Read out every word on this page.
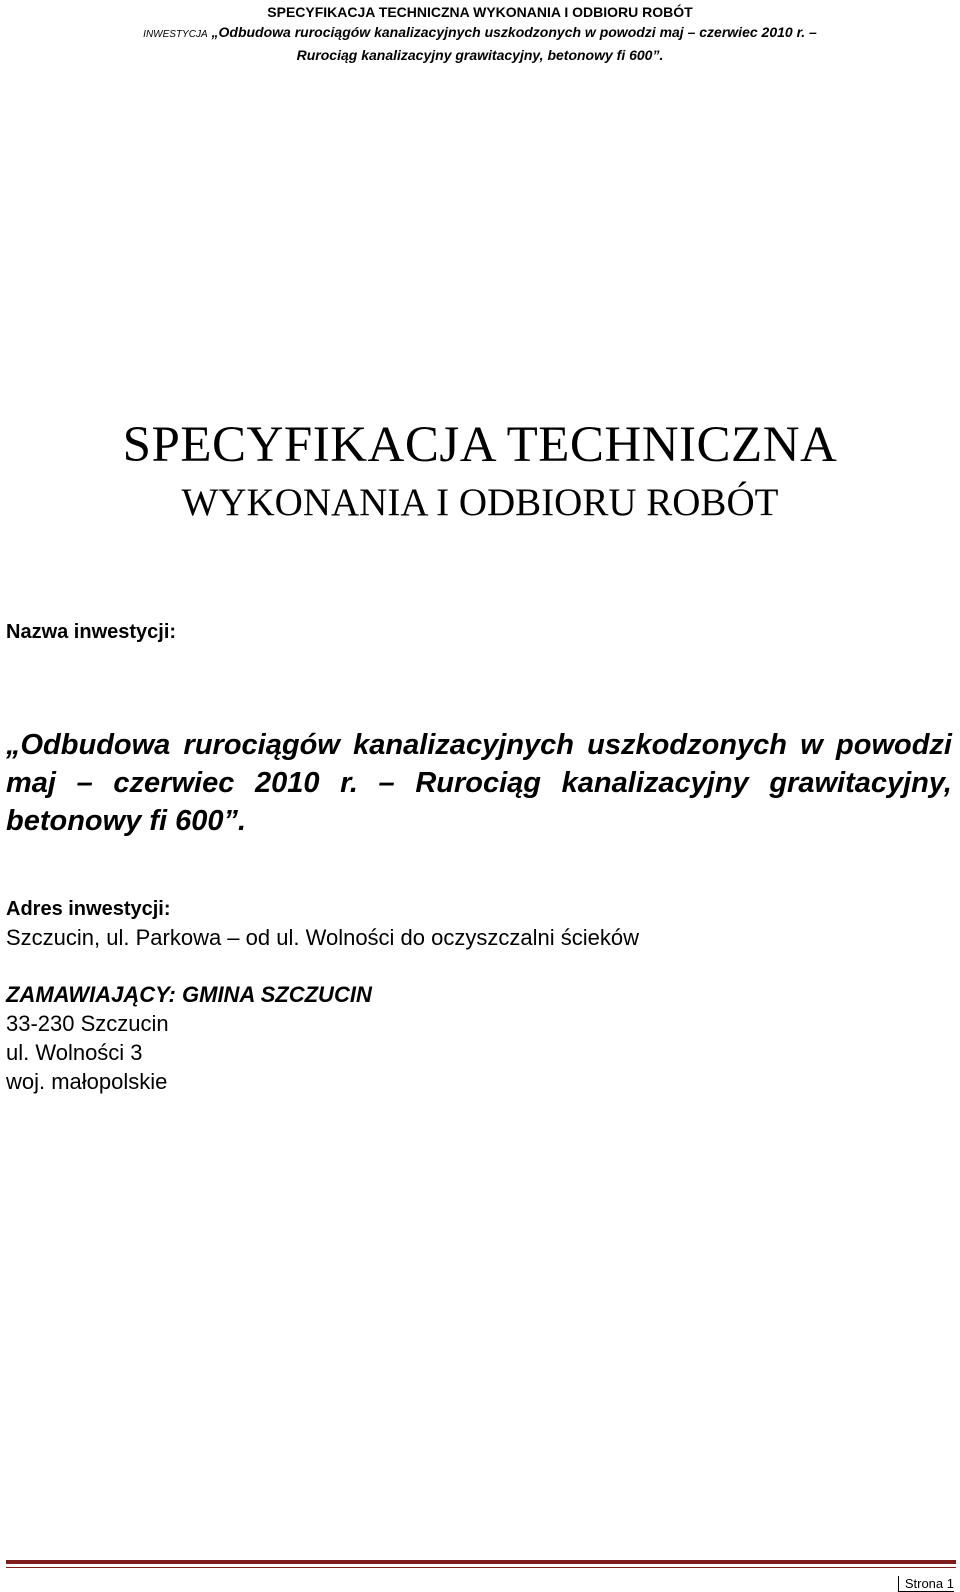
SPECYFIKACJA TECHNICZNA WYKONANIA I ODBIORU ROBÓT
INWESTYCJA „Odbudowa rurociągów kanalizacyjnych uszkodzonych w powodzi maj – czerwiec 2010 r. –
Rurociąg kanalizacyjny grawitacyjny, betonowy fi 600”.
SPECYFIKACJA TECHNICZNA
WYKONANIA I ODBIORU ROBÓT
Nazwa inwestycji:
„Odbudowa rurociągów kanalizacyjnych uszkodzonych w powodzi maj – czerwiec 2010 r. – Rurociąg kanalizacyjny grawitacyjny, betonowy fi 600”.
Adres inwestycji:
Szczucin, ul. Parkowa – od ul. Wolności do oczyszczalni ścieków
ZAMAWIAJĄCY: GMINA SZCZUCIN
33-230 Szczucin
ul. Wolności 3
woj. małopolskie
Strona 1
